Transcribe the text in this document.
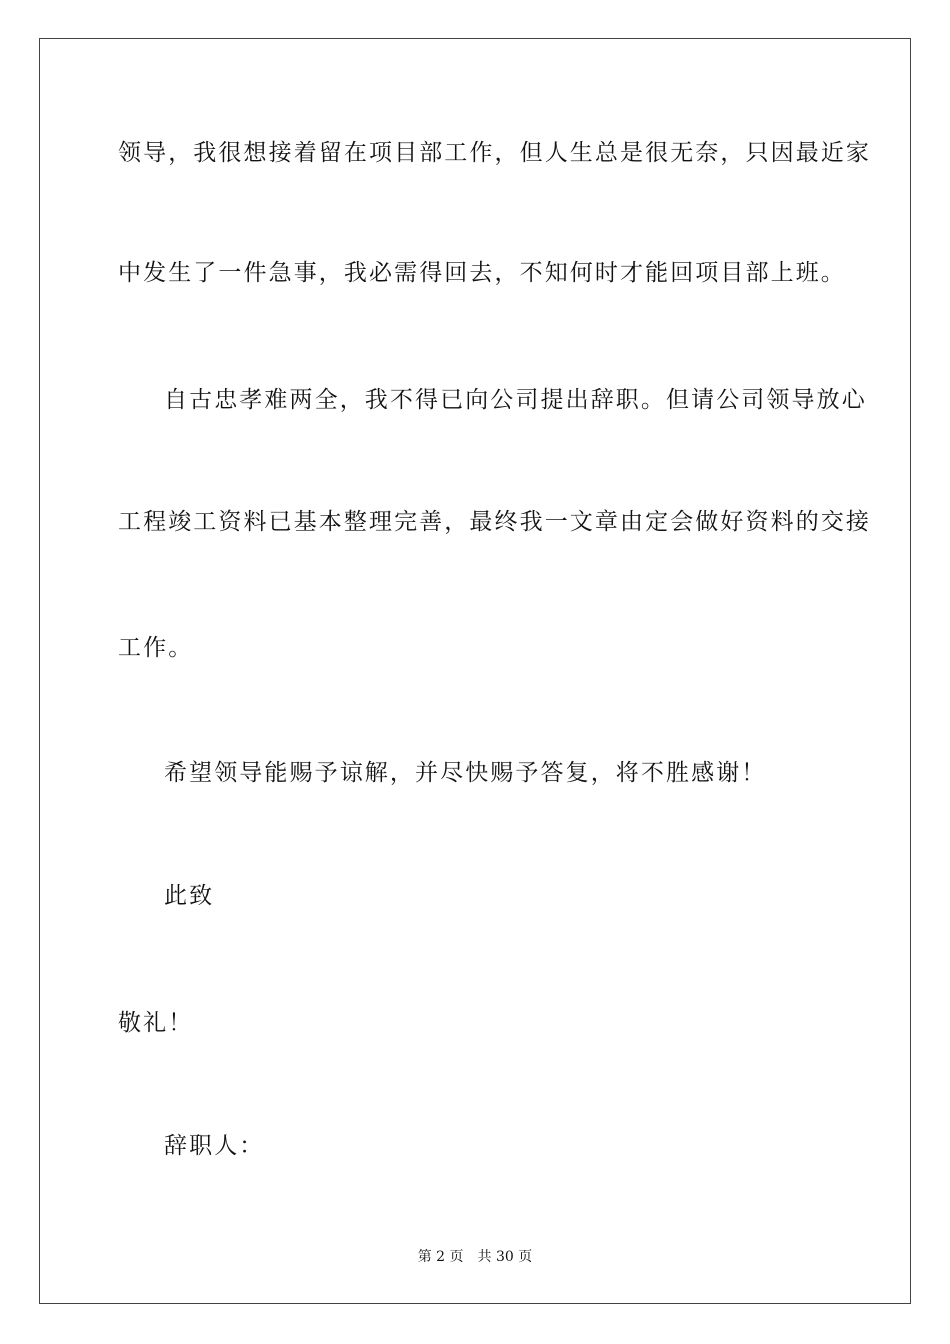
领导，我很想接着留在项目部工作，但人生总是很无奈，只因最近家
中发生了一件急事，我必需得回去，不知何时才能回项目部上班。
自古忠孝难两全，我不得已向公司提出辞职。但请公司领导放心
工程竣工资料已基本整理完善，最终我一文章由定会做好资料的交接
工作。
希望领导能赐予谅解，并尽快赐予答复，将不胜感谢！
此致
敬礼！
辞职人：
第 2 页　共 30 页
